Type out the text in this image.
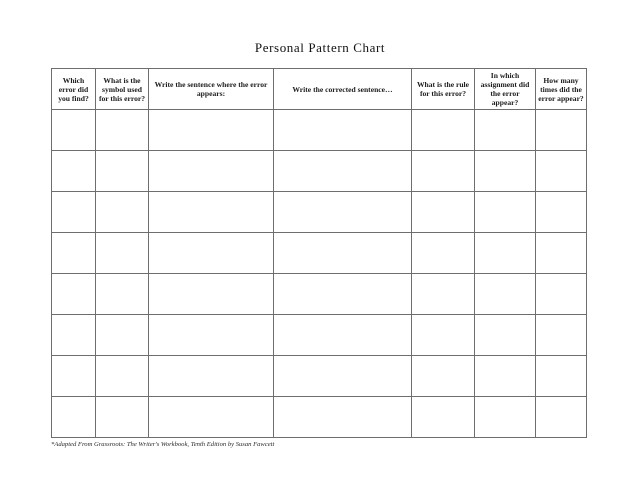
Personal Pattern Chart
Which error did you find?	What is the symbol used for this error?	Write the sentence where the error appears:	Write the corrected sentence…	What is the rule for this error?	In which assignment did the error appear?	How many times did the error appear?

*Adapted From Grassroots: The Writer's Workbook, Tenth Edition by Susan Fawcett
